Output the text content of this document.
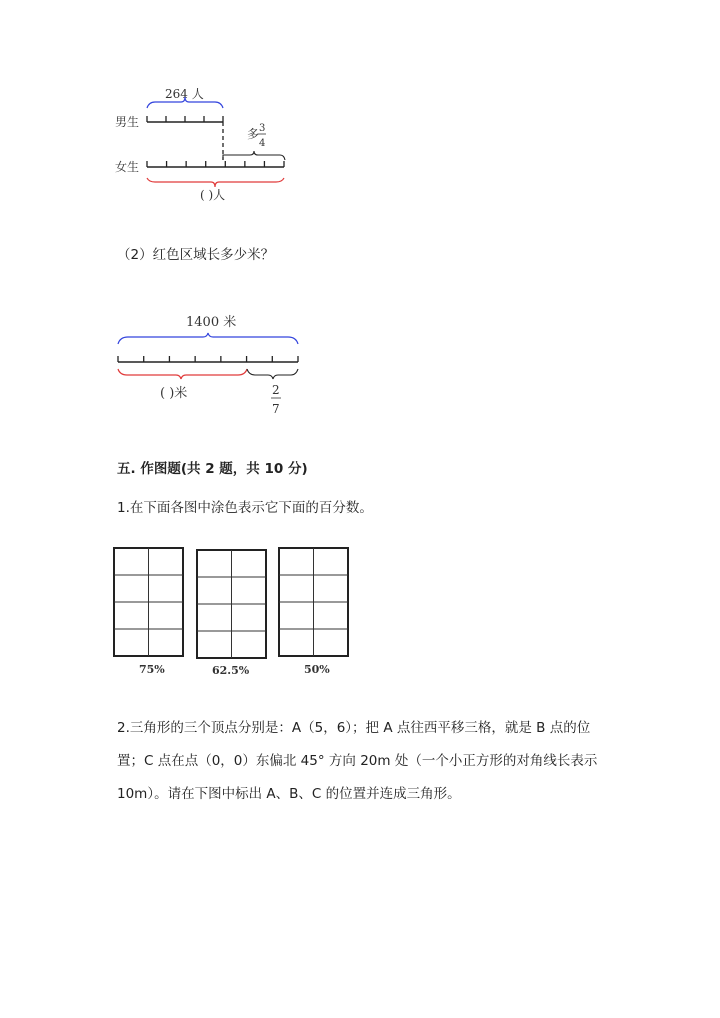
男生
女生
264 人
多 3
4
( )人
1400 米
( )米	2
7
75%	62.5%	50%
（2）红色区域长多少米？
五. 作图题(共 2 题，共 10 分)
1.在下面各图中涂色表示它下面的百分数。
2.三角形的三个顶点分别是：A（5，6）；把 A 点往西平移三格，就是 B 点的位置；C 点在点（0，0）东偏北 45° 方向 20m 处（一个小正方形的对角线长表示 10m）。请在下图中标出 A、B、C 的位置并连成三角形。
